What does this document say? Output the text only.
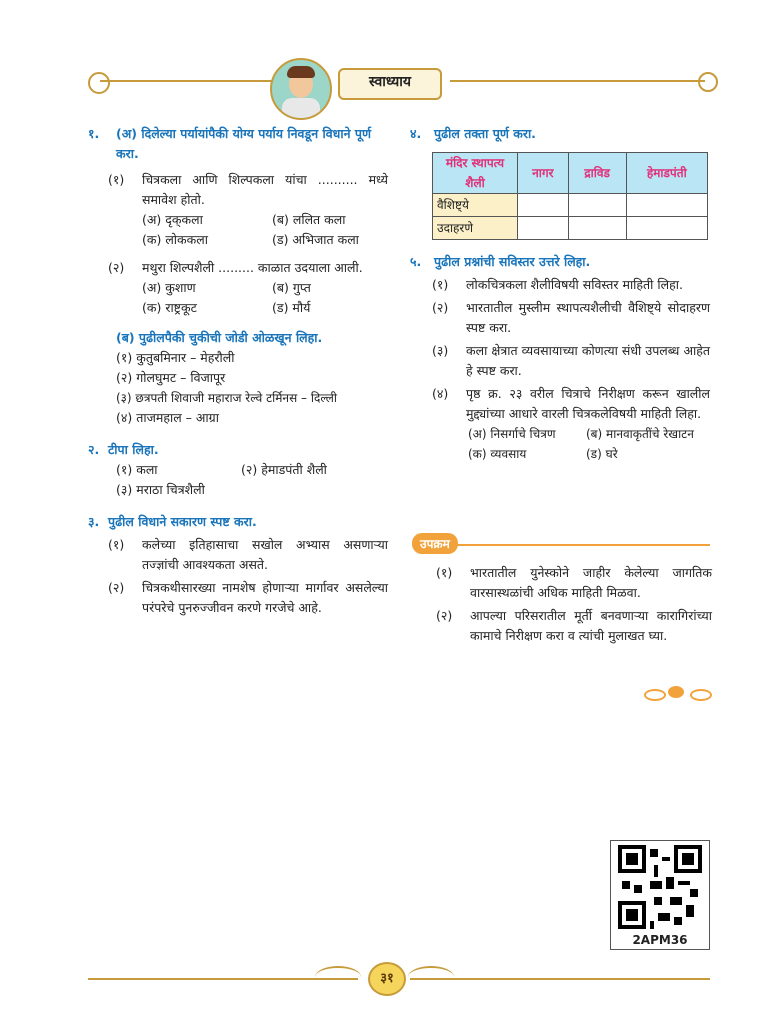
स्वाध्याय
१. (अ) दिलेल्या पर्यायांपैकी योग्य पर्याय निवडून विधाने पूर्ण करा.
(१) चित्रकला आणि शिल्पकला यांचा .......... मध्ये समावेश होतो.
(अ) दृक्‌कला	(ब) ललित कला
(क) लोककला	(ड) अभिजात कला
(२) मथुरा शिल्पशैली ......... काळात उदयाला आली.
(अ) कुशाण	(ब) गुप्त
(क) राष्ट्रकूट	(ड) मौर्य
(ब) पुढीलपैकी चुकीची जोडी ओळखून लिहा.
(१) कुतुबमिनार – मेहरौली
(२) गोलघुमट – विजापूर
(३) छत्रपती शिवाजी महाराज रेल्वे टर्मिनस – दिल्ली
(४) ताजमहाल – आग्रा
२. टीपा लिहा.
(१) कला	(२) हेमाडपंती शैली
(३) मराठा चित्रशैली
३. पुढील विधाने सकारण स्पष्ट करा.
(१) कलेच्या इतिहासाचा सखोल अभ्यास असणाऱ्या तज्ज्ञांची आवश्यकता असते.
(२) चित्रकथीसारख्या नामशेष होणाऱ्या मार्गावर असलेल्या परंपरेचे पुनरुज्जीवन करणे गरजेचे आहे.
४. पुढील तक्ता पूर्ण करा.
मंदिर स्थापत्य शैली	नागर	द्राविड	हेमाडपंती
वैशिष्ट्ये			
उदाहरणे			
५. पुढील प्रश्नांची सविस्तर उत्तरे लिहा.
(१) लोकचित्रकला शैलीविषयी सविस्तर माहिती लिहा.
(२) भारतातील मुस्लीम स्थापत्यशैलीची वैशिष्ट्ये सोदाहरण स्पष्ट करा.
(३) कला क्षेत्रात व्यवसायाच्या कोणत्या संधी उपलब्ध आहेत हे स्पष्ट करा.
(४) पृष्ठ क्र. २३ वरील चित्राचे निरीक्षण करून खालील मुद्द्यांच्या आधारे वारली चित्रकलेविषयी माहिती लिहा.
(अ) निसर्गाचे चित्रण	(ब) मानवाकृतींचे रेखाटन
(क) व्यवसाय	(ड) घरे
उपक्रम
(१) भारतातील युनेस्कोने जाहीर केलेल्या जागतिक वारसास्थळांची अधिक माहिती मिळवा.
(२) आपल्या परिसरातील मूर्ती बनवणाऱ्या कारागिरांच्या कामाचे निरीक्षण करा व त्यांची मुलाखत घ्या.
2APM36
३१
